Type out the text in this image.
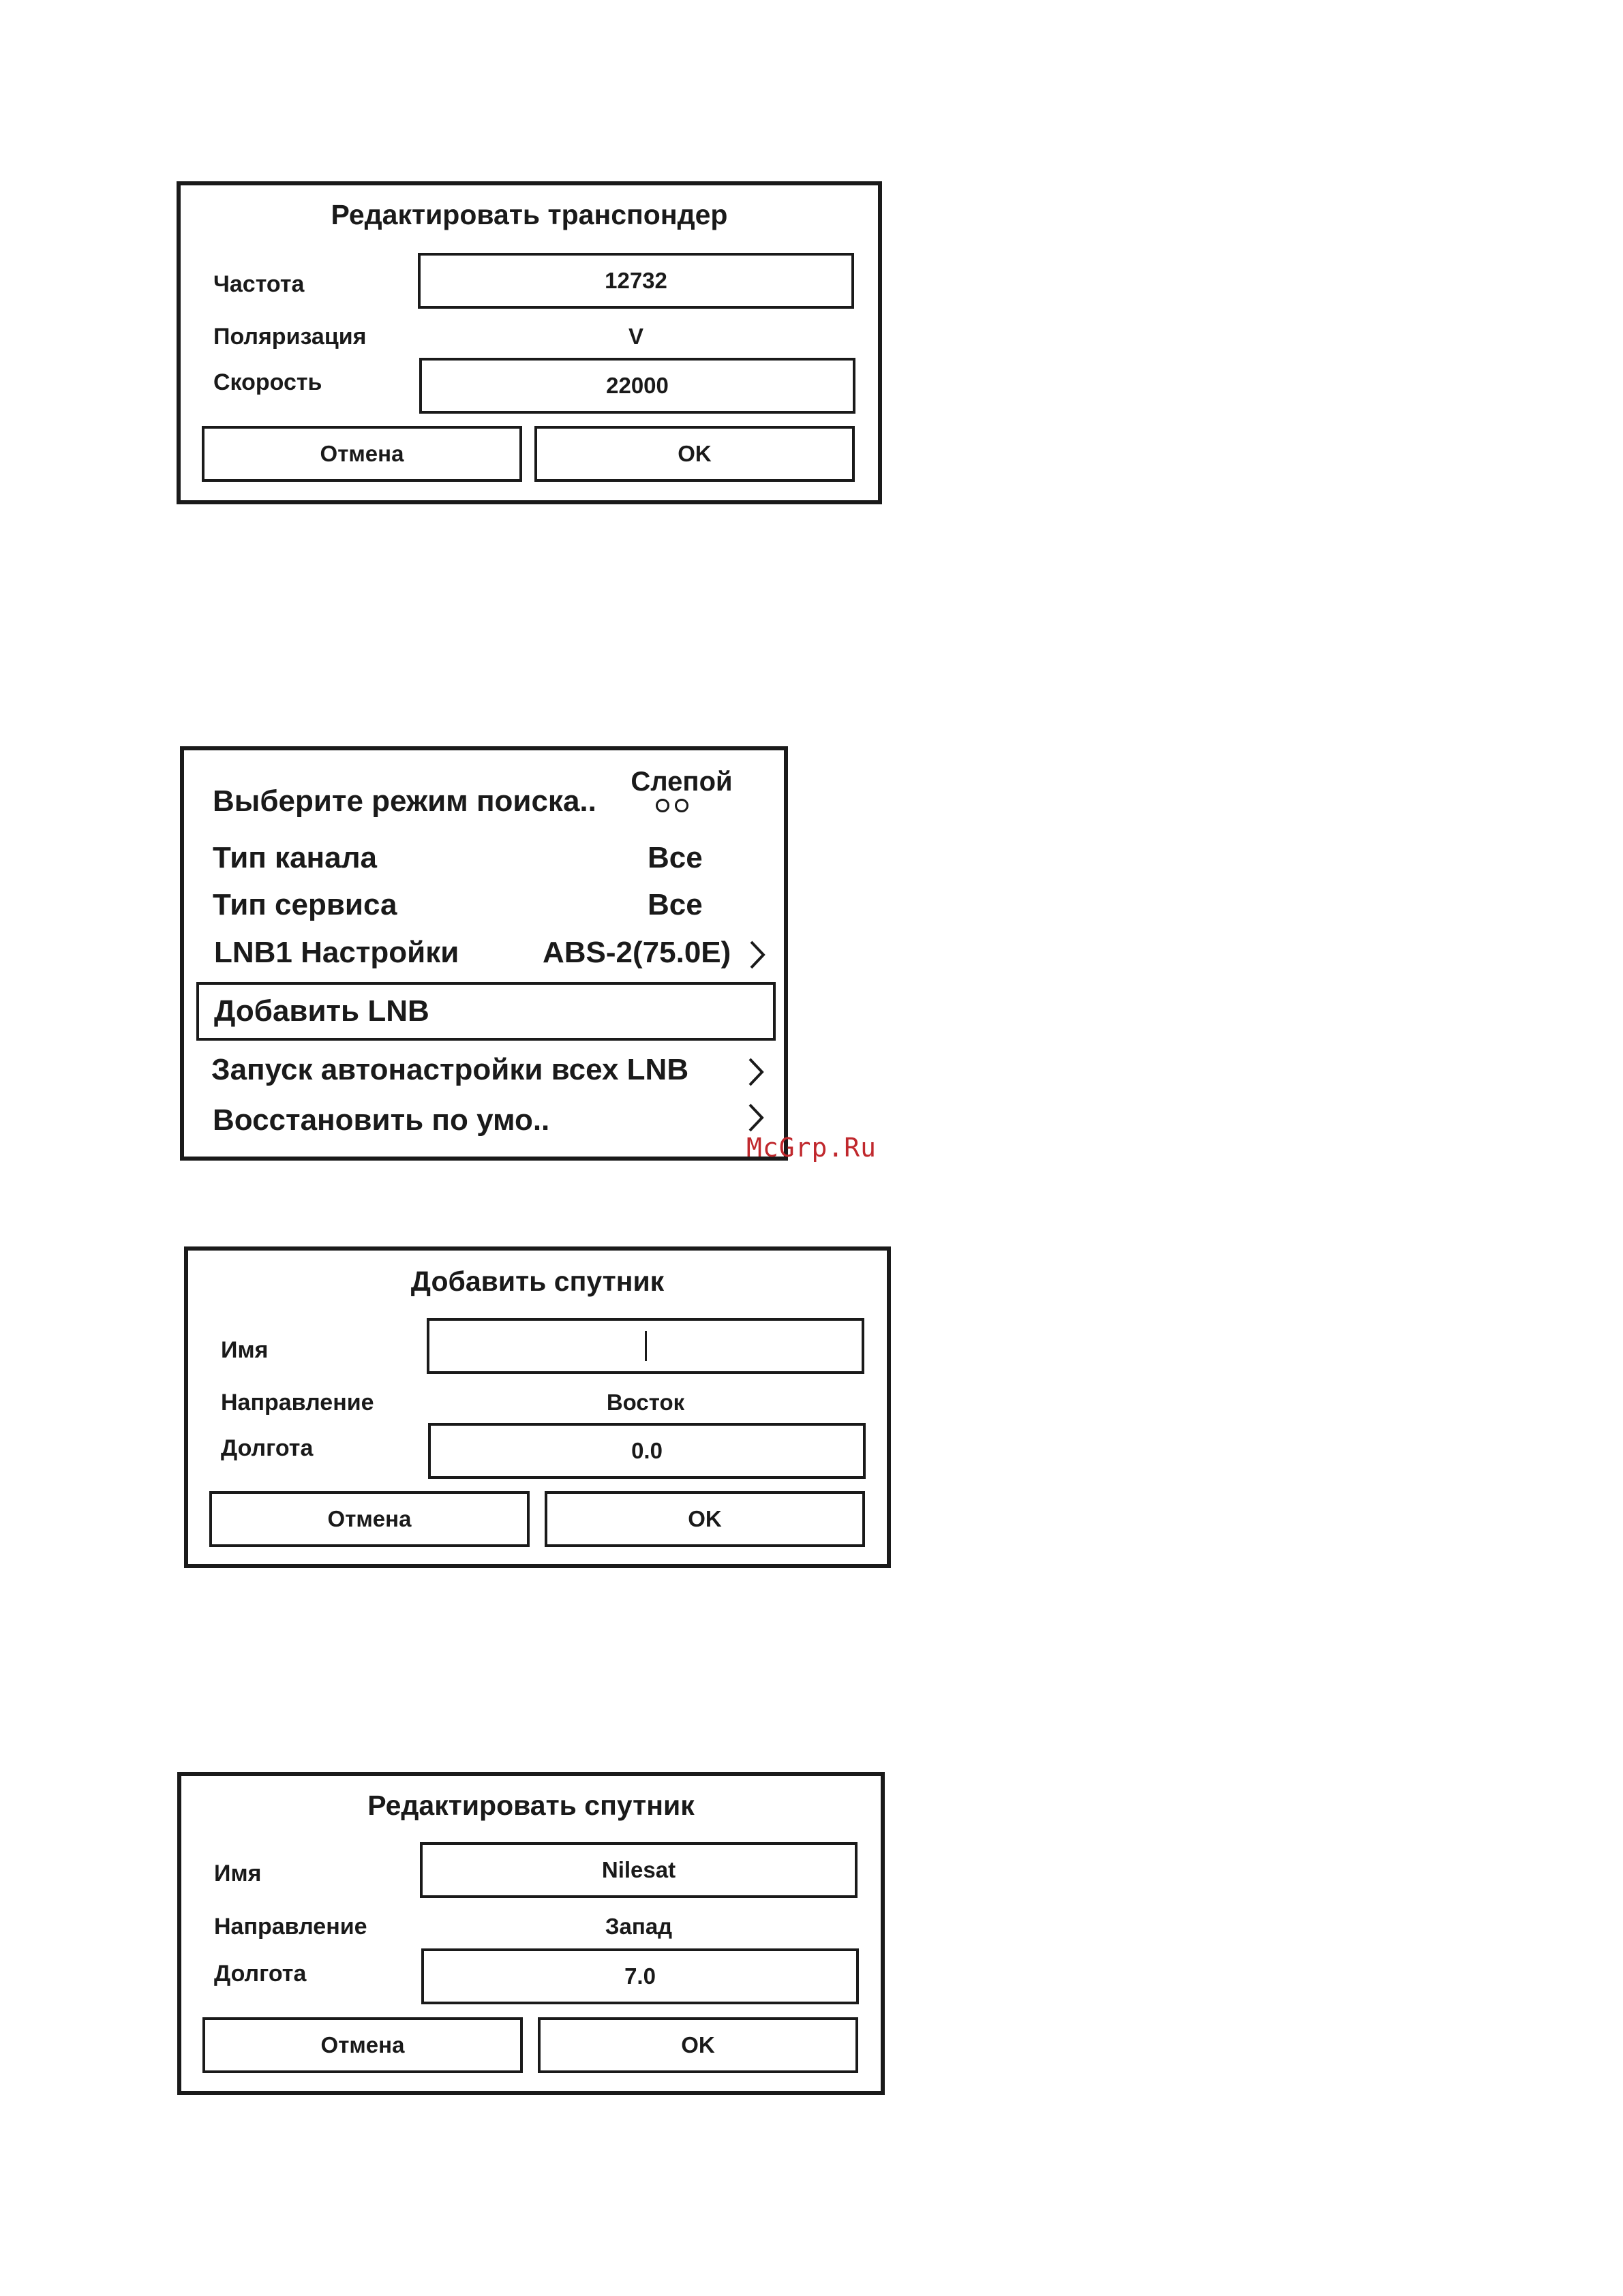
Редактировать транспондер
Частота	12732
Поляризация	V
Скорость	22000
Отмена	OK
Выберите режим поиска..
Слепой
Тип канала	Все
Тип сервиса	Все
LNB1 Настройки	ABS-2(75.0E)
Добавить LNB
Запуск автонастройки всех LNB
Восстановить по умо..
McGrp.Ru
Добавить спутник
Имя
Направление	Восток
Долгота	0.0
Отмена	OK
Редактировать спутник
Имя	Nilesat
Направление	Запад
Долгота	7.0
Отмена	OK
